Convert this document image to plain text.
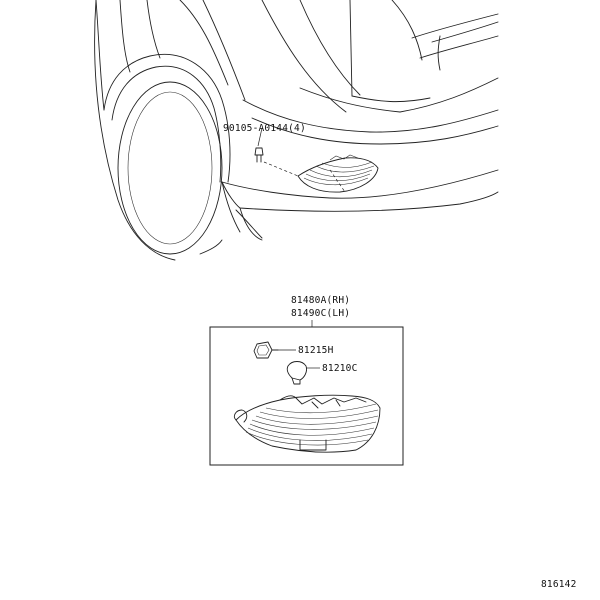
90105-A0144(4)
81480A(RH)
81490C(LH)
81215H
81210C
816142
